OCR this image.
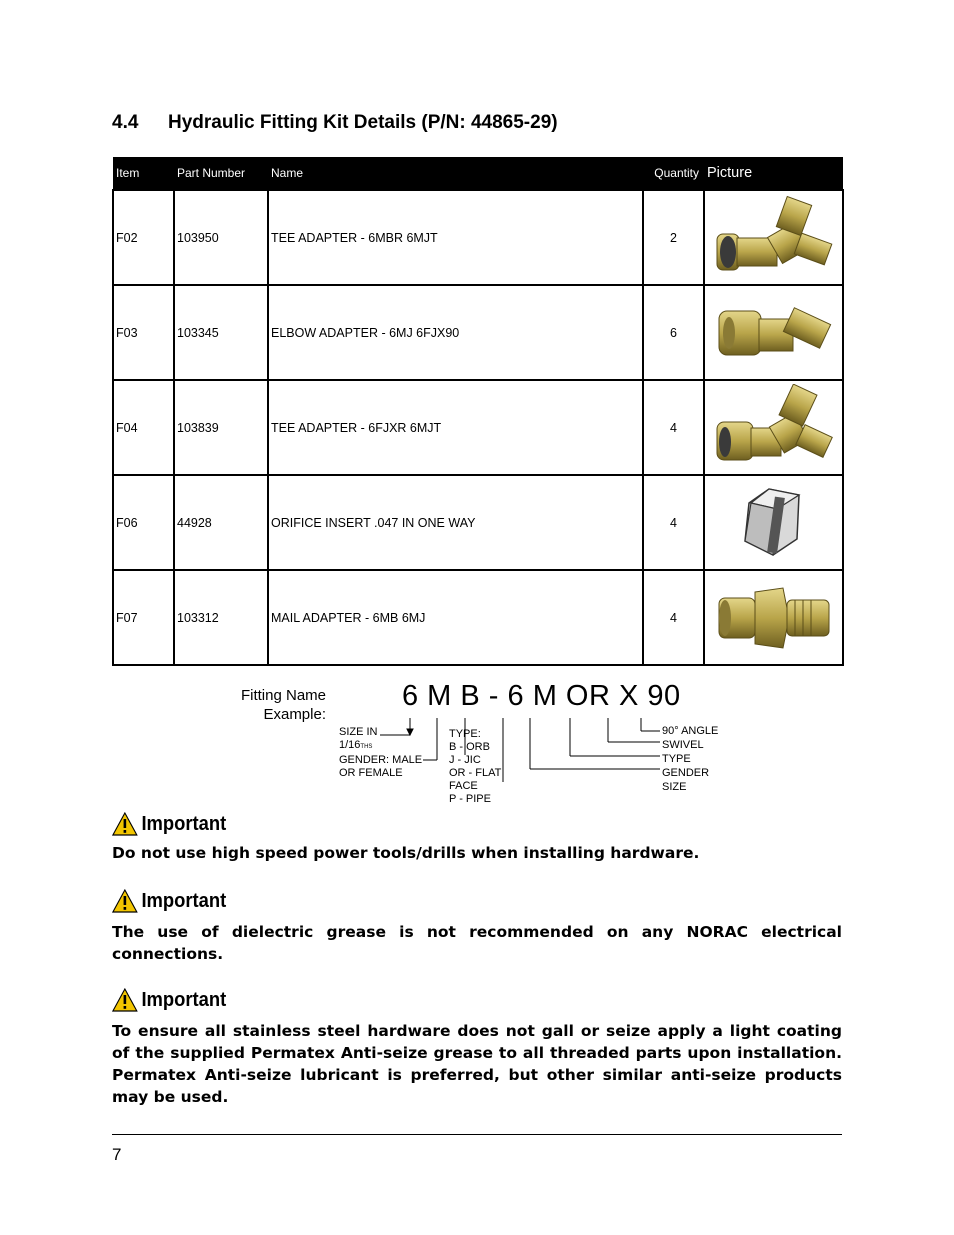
4.4 Hydraulic Fitting Kit Details (P/N: 44865-29)
Item	Part Number	Name	Quantity	Picture
F02	103950	TEE ADAPTER - 6MBR 6MJT	2	

F03	103345	ELBOW ADAPTER - 6MJ 6FJX90	6	

F04	103839	TEE ADAPTER - 6FJXR 6MJT	4	

F06	44928	ORIFICE INSERT .047 IN ONE WAY	4	

F07	103312	MAIL ADAPTER - 6MB 6MJ	4	
Fitting Name
Example:
6 M B - 6 M OR X 90
SIZE IN
1/16THS
GENDER: MALE
OR FEMALE
TYPE:
B - ORB
J - JIC
OR - FLAT
FACE
P - PIPE
90° ANGLE
SWIVEL
TYPE
GENDER
SIZE
Important
Do not use high speed power tools/drills when installing hardware.
Important
The use of dielectric grease is not recommended on any NORAC electrical connections.
Important
To ensure all stainless steel hardware does not gall or seize apply a light coating of the supplied Permatex Anti-seize grease to all threaded parts upon installation. Permatex Anti-seize lubricant is preferred, but other similar anti-seize products may be used.
7
